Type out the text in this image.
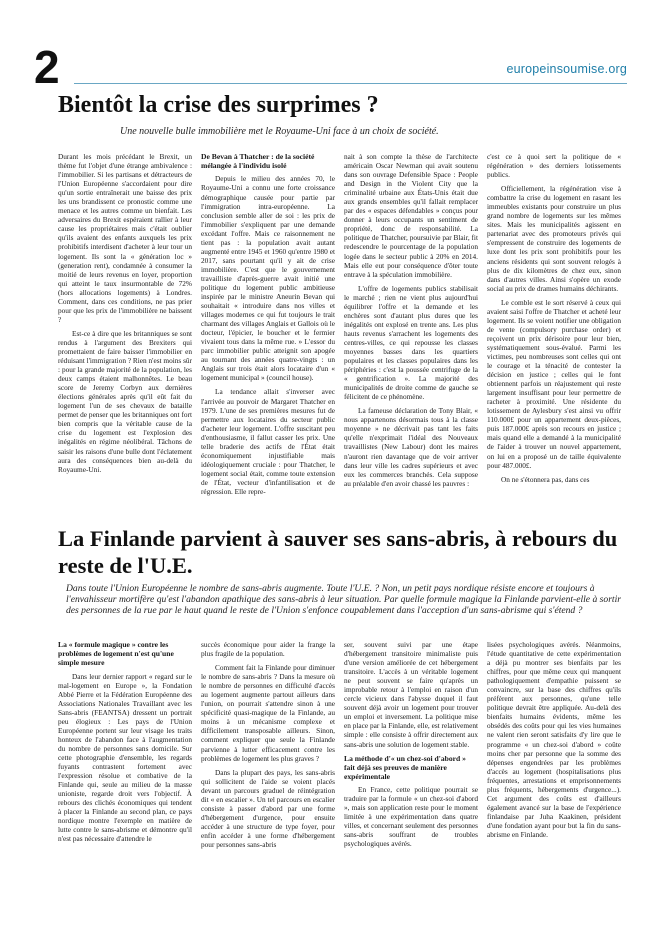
2	europeinsoumise.org
Bientôt la crise des surprimes ?
Une nouvelle bulle immobilière met le Royaume-Uni face à un choix de société.

Durant les mois précédant le Brexit, un thème fut l'objet d'une étrange ambivalence : l'immobilier. Si les partisans et détracteurs de l'Union Européenne s'accordaient pour dire qu'un sortie entraînerait une baisse des prix les uns brandissent ce pronostic comme une menace et les autres comme un bienfait. Les adversaires du Brexit espéraient rallier à leur cause les propriétaires mais c'était oublier qu'ils avaient des enfants auxquels les prix prohibitifs interdisent d'acheter à leur tour un logement. Ils sont la « génération loc » (generation rent), condamnée à consumer la moitié de leurs revenus en loyer, proportion qui atteint le taux insurmontable de 72% (hors allocations logements) à Londres. Comment, dans ces conditions, ne pas prier pour que les prix de l'immobilière ne baissent ?

Est-ce à dire que les britanniques se sont rendus à l'argument des Brexiters qui promettaient de faire baisser l'immobilier en réduisant l'immigration ? Rien n'est moins sûr : pour la grande majorité de la population, les deux camps étaient malhonnêtes. Le beau score de Jeremy Corbyn aux dernières élections générales après qu'il eût fait du logement l'un de ses chevaux de bataille permet de penser que les britanniques ont fort bien compris que la véritable cause de la crise du logement est l'explosion des inégalités en régime néolibéral. Tâchons de saisir les raisons d'une bulle dont l'éclatement aura des conséquences bien au-delà du Royaume-Uni.

De Bevan à Thatcher : de la société mélangée à l'individu isolé

Depuis le milieu des années 70, le Royaume-Uni a connu une forte croissance démographique causée pour partie par l'immigration intra-européenne. La conclusion semble aller de soi : les prix de l'immobilier s'expliquent par une demande excédant l'offre. Mais ce raisonnement ne tient pas : la population avait autant augmenté entre 1945 et 1960 qu'entre 1980 et 2017, sans pourtant qu'il y ait de crise immobilière. C'est que le gouvernement travailliste d'après-guerre avait initié une politique du logement public ambitieuse inspirée par le ministre Aneurin Bevan qui souhaitait « introduire dans nos villes et villages modernes ce qui fut toujours le trait charmant des villages Anglais et Gallois où le docteur, l'épicier, le boucher et le fermier vivaient tous dans la même rue. » L'essor du parc immobilier public atteignit son apogée au tournant des années quatre-vingts : un Anglais sur trois était alors locataire d'un « logement municipal » (council house).

La tendance allait s'inverser avec l'arrivée au pouvoir de Margaret Thatcher en 1979. L'une de ses premières mesures fut de permettre aux locataires du secteur public d'acheter leur logement. L'offre suscitant peu d'enthousiasme, il fallut casser les prix. Une telle braderie des actifs de l'État était économiquement injustifiable mais idéologiquement cruciale : pour Thatcher, le logement social était, comme toute extension de l'État, vecteur d'infantilisation et de régression. Elle repre-

nait à son compte la thèse de l'architecte américain Oscar Newman qui avait soutenu dans son ouvrage Defensible Space : People and Design in the Violent City que la criminalité urbaine aux États-Unis était due aux grands ensembles qu'il fallait remplacer par des « espaces défendables » conçus pour donner à leurs occupants un sentiment de propriété, donc de responsabilité. La politique de Thatcher, poursuivie par Blair, fit redescendre le pourcentage de la population logée dans le secteur public à 20% en 2014. Mais elle eut pour conséquence d'ôter toute entrave à la spéculation immobilière.

L'offre de logements publics stabilisait le marché ; rien ne vient plus aujourd'hui équilibrer l'offre et la demande et les enchères sont d'autant plus dures que les inégalités ont explosé en trente ans. Les plus hauts revenus s'arrachent les logements des centres-villes, ce qui repousse les classes moyennes basses dans les quartiers populaires et les classes populaires dans les périphéries : c'est la poussée centrifuge de la « gentrification ». La majorité des municipalités de droite comme de gauche se félicitent de ce phénomène.

La fameuse déclaration de Tony Blair, « nous appartenons désormais tous à la classe moyenne » ne décrivait pas tant les faits qu'elle n'exprimait l'idéal des Nouveaux travaillistes (New Labour) dont les maires n'auront rien davantage que de voir arriver dans leur ville les cadres supérieurs et avec eux les commerces branchés. Cela suppose au préalable d'en avoir chassé les pauvres :

c'est ce à quoi sert la politique de « régénération » des derniers lotissements publics.

Officiellement, la régénération vise à combattre la crise du logement en rasant les immeubles existants pour construire un plus grand nombre de logements sur les mêmes sites. Mais les municipalités agissent en partenariat avec des promoteurs privés qui s'empressent de construire des logements de luxe dont les prix sont prohibitifs pour les anciens résidents qui sont souvent relogés à plus de dix kilomètres de chez eux, sinon dans d'autres villes. Ainsi s'opère un exode social au prix de drames humains déchirants.

Le comble est le sort réservé à ceux qui avaient saisi l'offre de Thatcher et acheté leur logement. Ils se voient notifier une obligation de vente (compulsory purchase order) et reçoivent un prix dérisoire pour leur bien, systématiquement sous-évalué. Parmi les victimes, peu nombreuses sont celles qui ont le courage et la ténacité de contester la décision en justice ; celles qui le font obtiennent parfois un réajustement qui reste largement insuffisant pour leur permettre de racheter à proximité. Une résidente du lotissement de Aylesbury s'est ainsi vu offrir 110.000£ pour un appartement deux-pièces, puis 187.000£ après son recours en justice ; mais quand elle a demandé à la municipalité de l'aider à trouver un nouvel appartement, on lui en a proposé un de taille équivalente pour 487.000£.

On ne s'étonnera pas, dans ces

La Finlande parvient à sauver ses sans-abris, à rebours du reste de l'U.E.
Dans toute l'Union Européenne le nombre de sans-abris augmente. Toute l'U.E. ? Non, un petit pays nordique résiste encore et toujours à l'envahisseur mortifère qu'est l'abandon apathique des sans-abris à leur situation. Par quelle formule magique la Finlande parvient-elle à sortir des personnes de la rue par le haut quand le reste de l'Union s'enfonce coupablement dans l'acception d'un sans-abrisme qui s'étend ?

La « formule magique » contre les problèmes de logement n'est qu'une simple mesure

Dans leur dernier rapport « regard sur le mal-logement en Europe », la Fondation Abbé Pierre et la Fédération Européenne des Associations Nationales Travaillant avec les Sans-abris (FEANTSA) dressent un portrait peu élogieux : Les pays de l'Union Européenne portent sur leur visage les traits honteux de l'abandon face à l'augmentation du nombre de personnes sans domicile. Sur cette photographie d'ensemble, les regards fuyants contrastent fortement avec l'expression résolue et combative de la Finlande qui, seule au milieu de la masse unioniste, regarde droit vers l'objectif. À rebours des clichés économiques qui tendent à placer la Finlande au second plan, ce pays nordique montre l'exemple en matière de lutte contre le sans-abrisme et démontre qu'il n'est pas nécessaire d'attendre le

succès économique pour aider la frange la plus fragile de la population.

Comment fait la Finlande pour diminuer le nombre de sans-abris ? Dans la mesure où le nombre de personnes en difficulté d'accès au logement augmente partout ailleurs dans l'union, on pourrait s'attendre sinon à une spécificité quasi-magique de la Finlande, au moins à un mécanisme complexe et difficilement transposable ailleurs. Sinon, comment expliquer que seule la Finlande parvienne à lutter efficacement contre les problèmes de logement les plus graves ?

Dans la plupart des pays, les sans-abris qui sollicitent de l'aide se voient placés devant un parcours graduel de réintégration dit « en escalier ». Un tel parcours en escalier consiste à passer d'abord par une forme d'hébergement d'urgence, pour ensuite accéder à une structure de type foyer, pour enfin accéder à une forme d'hébergement pour personnes sans-abris

ser, souvent suivi par une étape d'hébergement transitoire minimaliste puis d'une version améliorée de cet hébergement transitoire. L'accès à un véritable logement ne peut souvent se faire qu'après un improbable retour à l'emploi en raison d'un cercle vicieux dans l'abysse duquel il faut souvent déjà avoir un logement pour trouver un emploi et inversement. La politique mise en place par la Finlande, elle, est relativement simple : elle consiste à offrir directement aux sans-abris une solution de logement stable.

La méthode d'« un chez-soi d'abord » fait déjà ses preuves de manière expérimentale

En France, cette politique pourrait se traduire par la formule « un chez-soi d'abord », mais son application reste pour le moment limitée à une expérimentation dans quatre villes, et concernant seulement des personnes sans-abris souffrant de troubles psychologiques avérés.

lisées psychologiques avérés. Néanmoins, l'étude quantitative de cette expérimentation a déjà pu montrer ses bienfaits par les chiffres, pour que même ceux qui manquent pathologiquement d'empathie puissent se convaincre, sur la base des chiffres qu'ils préfèrent aux personnes, qu'une telle politique devrait être appliquée. Au-delà des bienfaits humains évidents, même les obsédés des coûts pour qui les vies humaines ne valent rien seront satisfaits d'y lire que le programme « un chez-soi d'abord » coûte moins cher par personne que la somme des dépenses engendrées par les problèmes d'accès au logement (hospitalisations plus fréquentes, arrestations et emprisonnements plus fréquents, hébergements d'urgence...). Cet argument des coûts est d'ailleurs également avancé sur la base de l'expérience finlandaise par Juha Kaakinen, président d'une fondation ayant pour but la fin du sans-abrisme en Finlande.
